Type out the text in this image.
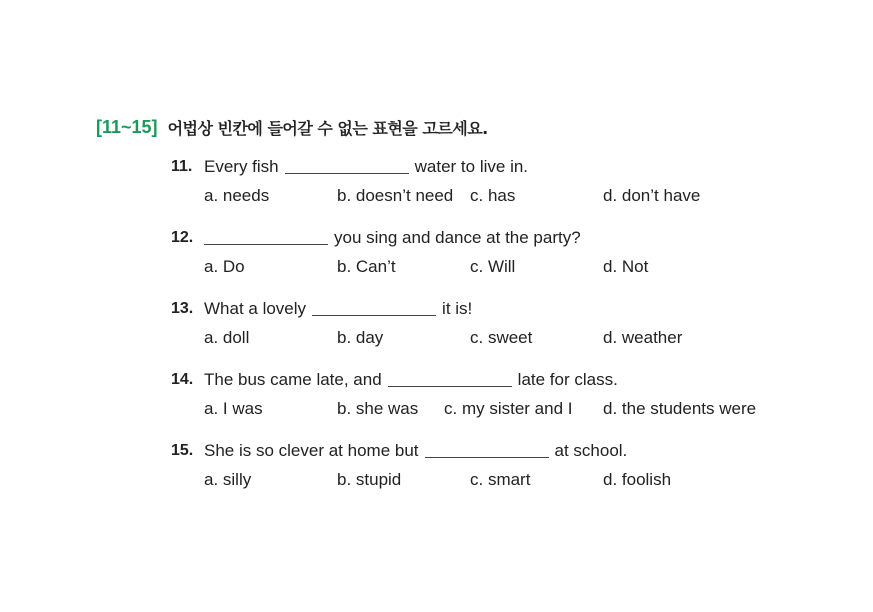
[11~15] 어법상 빈칸에 들어갈 수 없는 표현을 고르세요.
11. Every fish	water to live in.
a. needs	b. doesn’t need c. has	d. don’t have
12.	you sing and dance at the party?
a. Do	b. Can’t	c. Will	d. Not
13. What a lovely	it is!
a. doll	b. day	c. sweet	d. weather
14. The bus came late, and	late for class.
a. I was	b. she was c. my sister and I d. the students were
15. She is so clever at home but	at school.
a. silly	b. stupid	c. smart	d. foolish
